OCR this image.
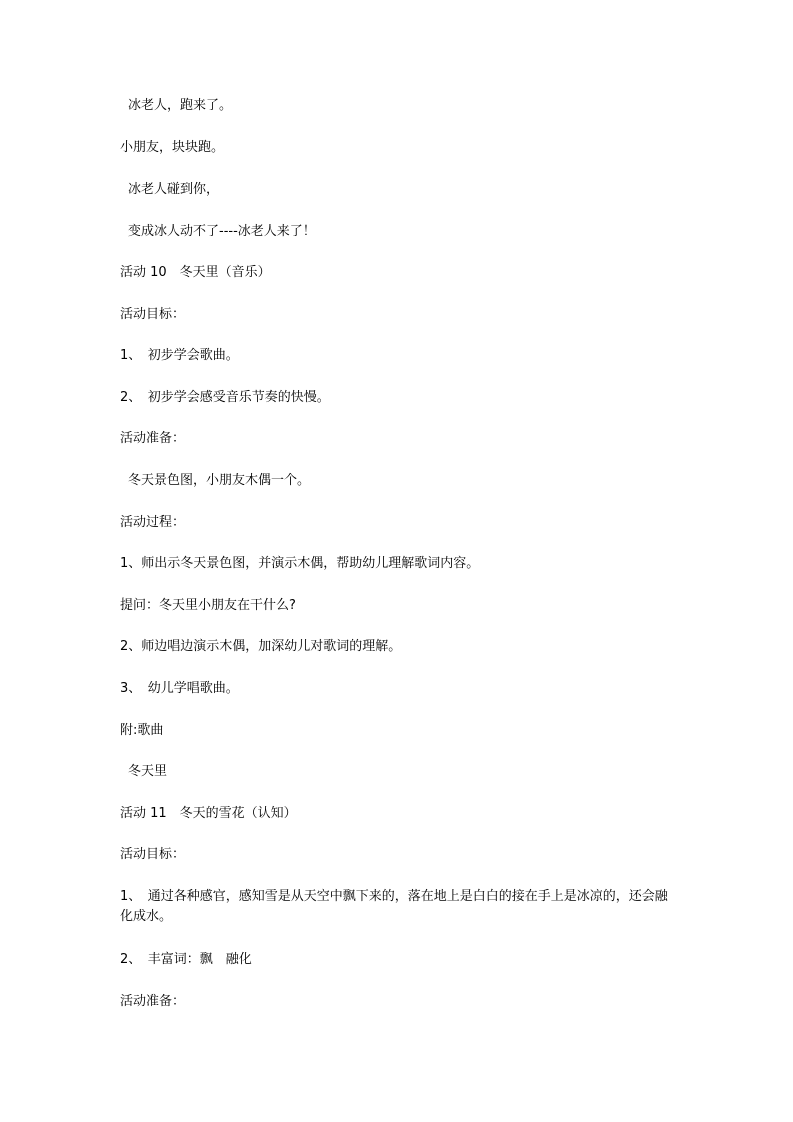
冰老人，跑来了。

小朋友，块块跑。

冰老人碰到你，

变成冰人动不了----冰老人来了！

活动 10　冬天里（音乐）

活动目标：

1、　初步学会歌曲。

2、　初步学会感受音乐节奏的快慢。

活动准备：

冬天景色图，小朋友木偶一个。

活动过程：

1、师出示冬天景色图，并演示木偶，帮助幼儿理解歌词内容。

提问：冬天里小朋友在干什么?

2、师边唱边演示木偶，加深幼儿对歌词的理解。

3、　幼儿学唱歌曲。

附:歌曲

冬天里

活动 11　冬天的雪花（认知）

活动目标：

1、　通过各种感官，感知雪是从天空中飘下来的，落在地上是白白的接在手上是冰凉的，还会融化成水。

2、　丰富词：飘　融化

活动准备：
